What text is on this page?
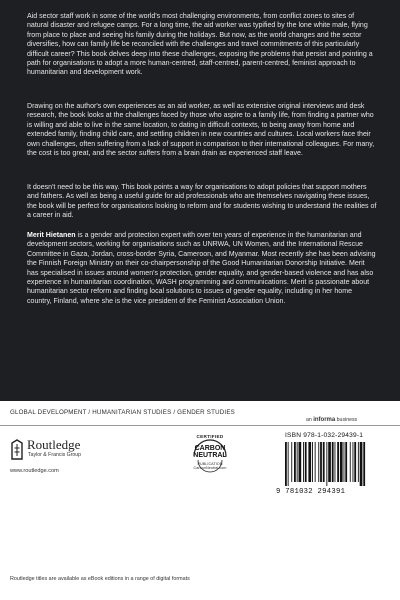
Aid sector staff work in some of the world's most challenging environments, from conflict zones to sites of natural disaster and refugee camps. For a long time, the aid worker was typified by the lone white male, flying from place to place and seeing his family during the holidays. But now, as the world changes and the sector diversifies, how can family life be reconciled with the challenges and travel commitments of this particularly difficult career? This book delves deep into these challenges, exposing the problems that persist and pointing a path for organisations to adopt a more human-centred, staff-centred, parent-centred, feminist approach to humanitarian and development work.

Drawing on the author's own experiences as an aid worker, as well as extensive original interviews and desk research, the book looks at the challenges faced by those who aspire to a family life, from finding a partner who is willing and able to live in the same location, to dating in difficult contexts, to being away from home and extended family, finding child care, and settling children in new countries and cultures. Local workers face their own challenges, often suffering from a lack of support in comparison to their international colleagues. For many, the cost is too great, and the sector suffers from a brain drain as experienced staff leave.

It doesn't need to be this way. This book points a way for organisations to adopt policies that support mothers and fathers. As well as being a useful guide for aid professionals who are themselves navigating these issues, the book will be perfect for organisations looking to reform and for students wishing to understand the realities of a career in aid.

Merit Hietanen is a gender and protection expert with over ten years of experience in the humanitarian and development sectors, working for organisations such as UNRWA, UN Women, and the International Rescue Committee in Gaza, Jordan, cross-border Syria, Cameroon, and Myanmar. Most recently she has been advising the Finnish Foreign Ministry on their co-chairpersonship of the Good Humanitarian Donorship Initiative. Merit has specialised in issues around women's protection, gender equality, and gender-based violence and has also experience in humanitarian coordination, WASH programming and communications. Merit is passionate about humanitarian sector reform and finding local solutions to issues of gender equality, including in her home country, Finland, where she is the vice president of the Feminist Association Union.

GLOBAL DEVELOPMENT / HUMANITARIAN STUDIES / GENDER STUDIES
Routledge
Taylor & Francis Group
www.routledge.com
CERTIFIED
CARBON
NEUTRAL
PUBLICATION
CarbonNeutral.com
an informa business
ISBN 978-1-032-29439-1
9 781032 294391
Routledge titles are available as eBook editions in a range of digital formats
